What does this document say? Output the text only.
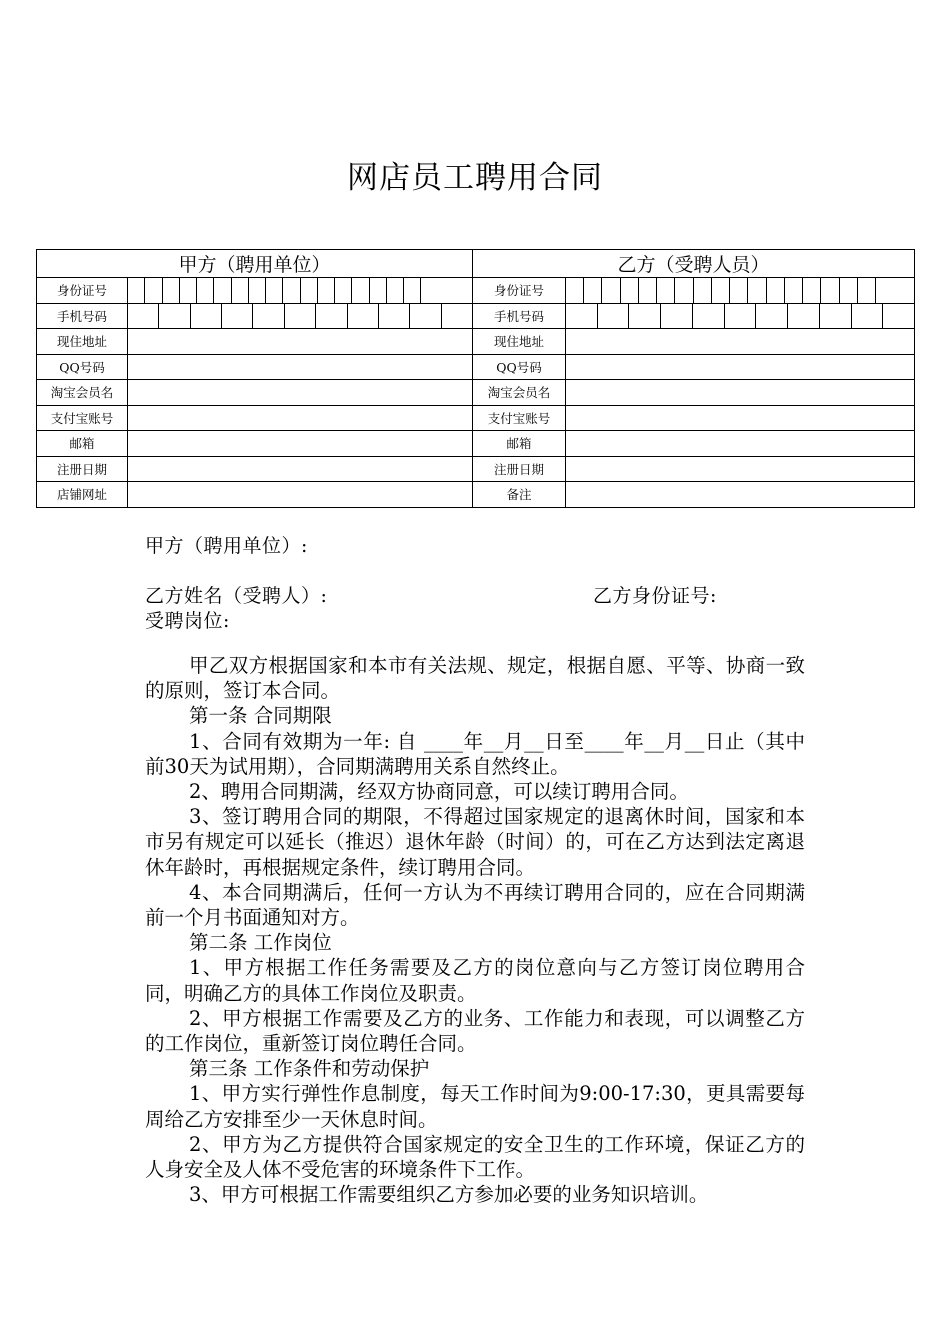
网店员工聘用合同
甲方（聘用单位）		乙方（受聘人员）	
身份证号		身份证号	

手机号码		手机号码	

现住地址		现住地址	
QQ号码		QQ号码	
淘宝会员名		淘宝会员名	
支付宝账号		支付宝账号	
邮箱		邮箱	
注册日期		注册日期	
店铺网址		备注	
甲方（聘用单位）:
乙方姓名（受聘人）:	乙方身份证号:
受聘岗位:

甲乙双方根据国家和本市有关法规、规定，根据自愿、平等、协商一致的原则，签订本合同。

第一条 合同期限

1、合同有效期为一年: 自 ____年__月__日至____年__月__日止（其中前30天为试用期），合同期满聘用关系自然终止。

2、聘用合同期满，经双方协商同意，可以续订聘用合同。

3、签订聘用合同的期限，不得超过国家规定的退离休时间，国家和本市另有规定可以延长（推迟）退休年龄（时间）的，可在乙方达到法定离退休年龄时，再根据规定条件，续订聘用合同。

4、本合同期满后，任何一方认为不再续订聘用合同的，应在合同期满前一个月书面通知对方。

第二条 工作岗位

1、甲方根据工作任务需要及乙方的岗位意向与乙方签订岗位聘用合同，明确乙方的具体工作岗位及职责。

2、甲方根据工作需要及乙方的业务、工作能力和表现，可以调整乙方的工作岗位，重新签订岗位聘任合同。

第三条 工作条件和劳动保护

1、甲方实行弹性作息制度，每天工作时间为9:00-17:30，更具需要每周给乙方安排至少一天休息时间。

2、甲方为乙方提供符合国家规定的安全卫生的工作环境，保证乙方的人身安全及人体不受危害的环境条件下工作。

3、甲方可根据工作需要组织乙方参加必要的业务知识培训。
